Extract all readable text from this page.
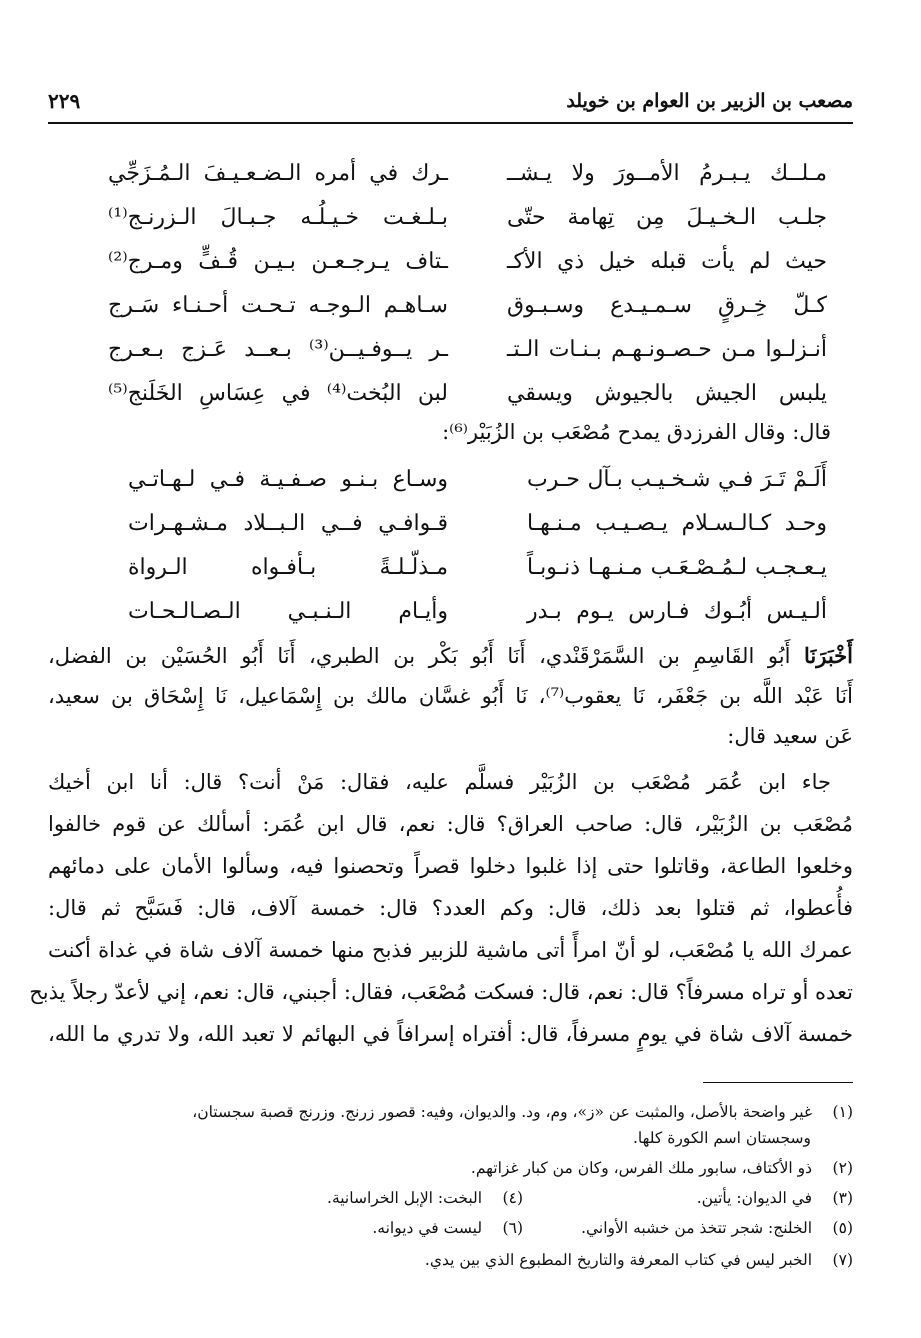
مصعب بن الزبير بن العوام بن خويلد
٢٢٩
مـلــك يـبـرمُ الأمــورَ ولا يـشــ
ـرك في أمره الـضـعـيـفَ الـمُـزَجِّي
جلـب الـخـيـلَ مِن تِهامة حتّى
بـلـغـت خـيـلُـه جـبـالَ الـزرنـج⁽¹⁾
حيث لم يأت قبله خيل ذي الأكـ
ـتاف يـرجـعـن بـيـن قُـفٍّ ومـرج⁽²⁾
كـلّ خِـرقٍ سـمـيـدع وسـبـوق
سـاهـم الـوجـه تـحـت أحـنـاء سَـرج
أنـزلـوا مـن حـصـونـهـم بـنـات الـتـ
ـر يــوفـيــن⁽³⁾ بـعــد عَـزج بـعـرج
يلبس الجيش بالجيوش ويسقي
لبن البُخت⁽⁴⁾ في عِسَاسِ الخَلَنج⁽⁵⁾
قال: وقال الفرزدق يمدح مُصْعَب بن الزُبَيْر⁽⁶⁾:
أَلَـمْ تَـرَ فـي شـخـيـب بـآل حـرب
وسـاع بـنـو صـفـيـة فـي لـهـاتـي
وحـد كـالـسـلام يـصـيـب مـنـهـا
قـوافـي فــي الـبــلاد مـشـهـرات
يـعـجـب لـمُـصْـعَـب مـنـهـا ذنـوبـاً
مـذلّـلـةً بـأفـواه الـرواة
ألـيـس أبُـوك فـارس يـوم بـدر
وأيـام الـنـبـي الـصـالـحـات
أَخْبَرَنَا أَبُو القَاسِمِ بن السَّمَرْقَنْدي، أَنَا أَبُو بَكْر بن الطبري، أَنَا أَبُو الحُسَيْن بن الفضل،
أَنَا عَبْد اللَّه بن جَعْفَر، نَا يعقوب⁽⁷⁾، نَا أَبُو غسَّان مالك بن إِسْمَاعيل، نَا إِسْحَاق بن سعيد،
عَن سعيد قال:
جاء ابن عُمَر مُصْعَب بن الزُبَيْر فسلَّم عليه، فقال: مَنْ أنت؟ قال: أنا ابن أخيك
مُصْعَب بن الزُبَيْر، قال: صاحب العراق؟ قال: نعم، قال ابن عُمَر: أسألك عن قوم خالفوا
وخلعوا الطاعة، وقاتلوا حتى إذا غلبوا دخلوا قصراً وتحصنوا فيه، وسألوا الأمان على دمائهم
فأُعطوا، ثم قتلوا بعد ذلك، قال: وكم العدد؟ قال: خمسة آلاف، قال: فَسَبَّح ثم قال:
عمرك الله يا مُصْعَب، لو أنّ امرأً أتى ماشية للزبير فذبح منها خمسة آلاف شاة في غداة أكنت
تعده أو تراه مسرفاً؟ قال: نعم، قال: فسكت مُصْعَب، فقال: أجبني، قال: نعم، إني لأعدّ رجلاً يذبح
خمسة آلاف شاة في يومٍ مسرفاً، قال: أفتراه إسرافاً في البهائم لا تعبد الله، ولا تدري ما الله،
(١) غير واضحة بالأصل، والمثبت عن «ز»، وم، ود. والديوان، وفيه: قصور زرنج. وزرنج قصبة سجستان،
وسجستان اسم الكورة كلها.
(٢) ذو الأكتاف، سابور ملك الفرس، وكان من كبار غزاتهم.
(٣) في الديوان: يأتين.
(٤) البخت: الإبل الخراسانية.
(٥) الخلنج: شجر تتخذ من خشبه الأواني.
(٦) ليست في ديوانه.
(٧) الخبر ليس في كتاب المعرفة والتاريخ المطبوع الذي بين يدي.
